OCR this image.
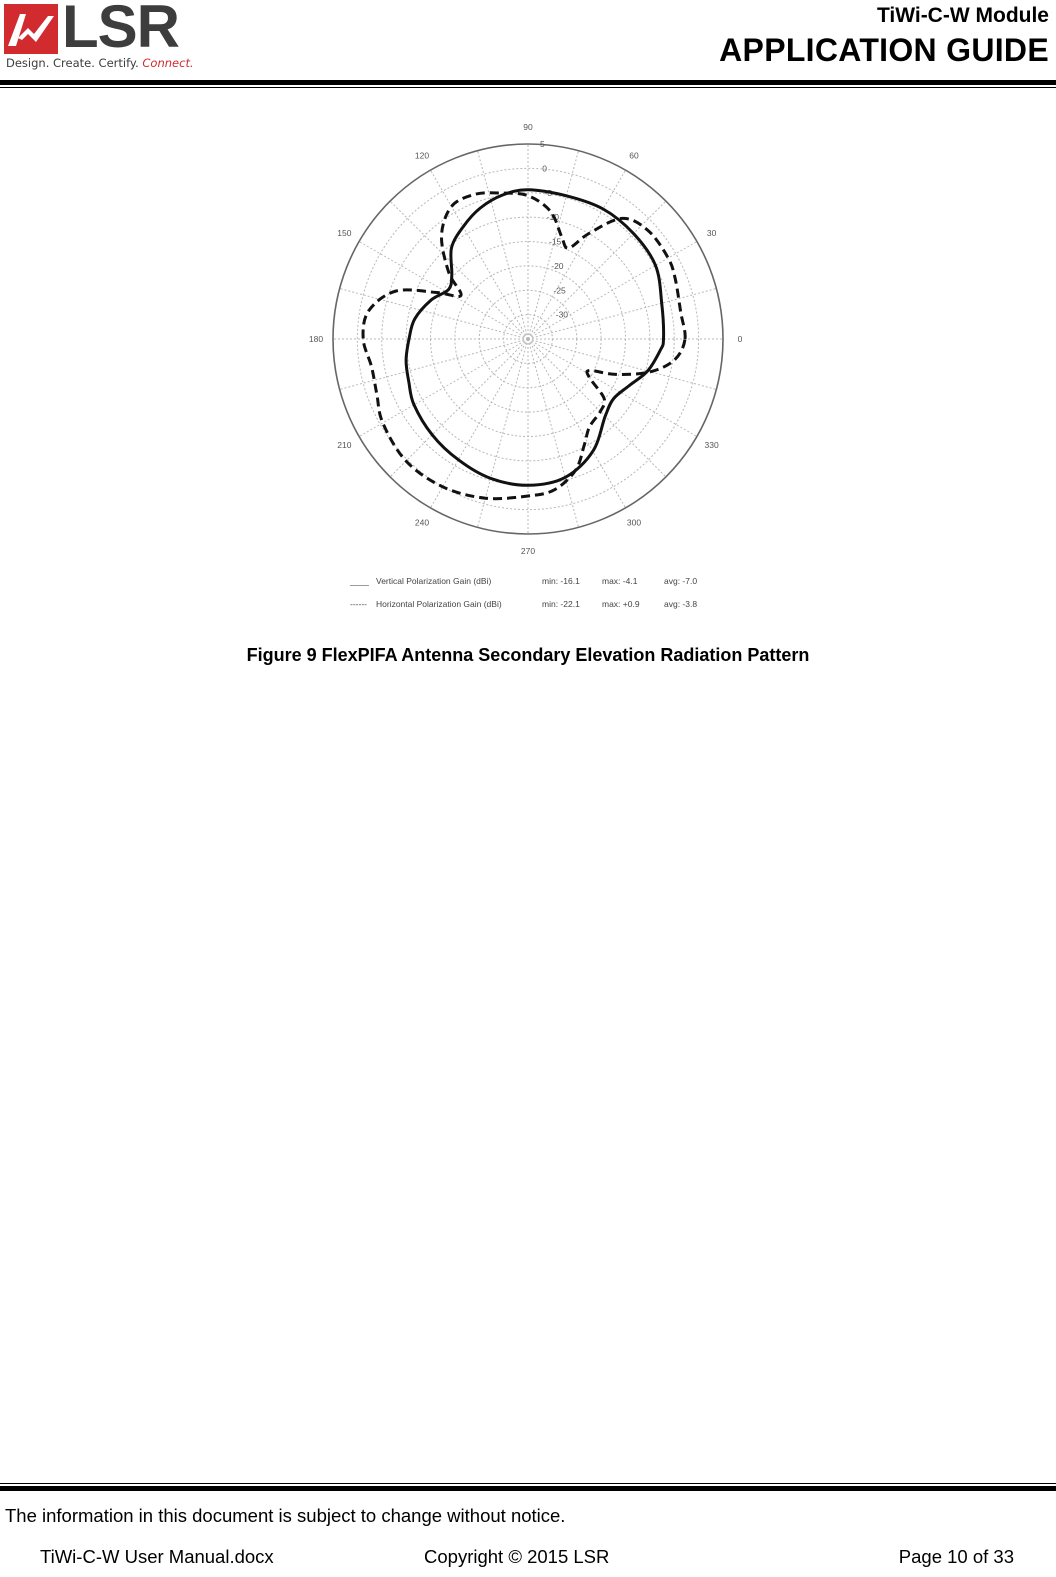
LSR
Design. Create. Certify. Connect.
TiWi-C-W Module
APPLICATION GUIDE
0
30
60
90
120
150
180
210
240
270
300
330
5
0
-5
-10
-15
-20
-25
-30
____ Vertical Polarization Gain (dBi)	min: -16.1	max: -4.1	avg: -7.0
------ Horizontal Polarization Gain (dBi)	min: -22.1	max: +0.9	avg: -3.8
Figure 9 FlexPIFA Antenna Secondary Elevation Radiation Pattern
The information in this document is subject to change without notice.
TiWi-C-W User Manual.docx	Copyright © 2015 LSR	Page 10 of 33
